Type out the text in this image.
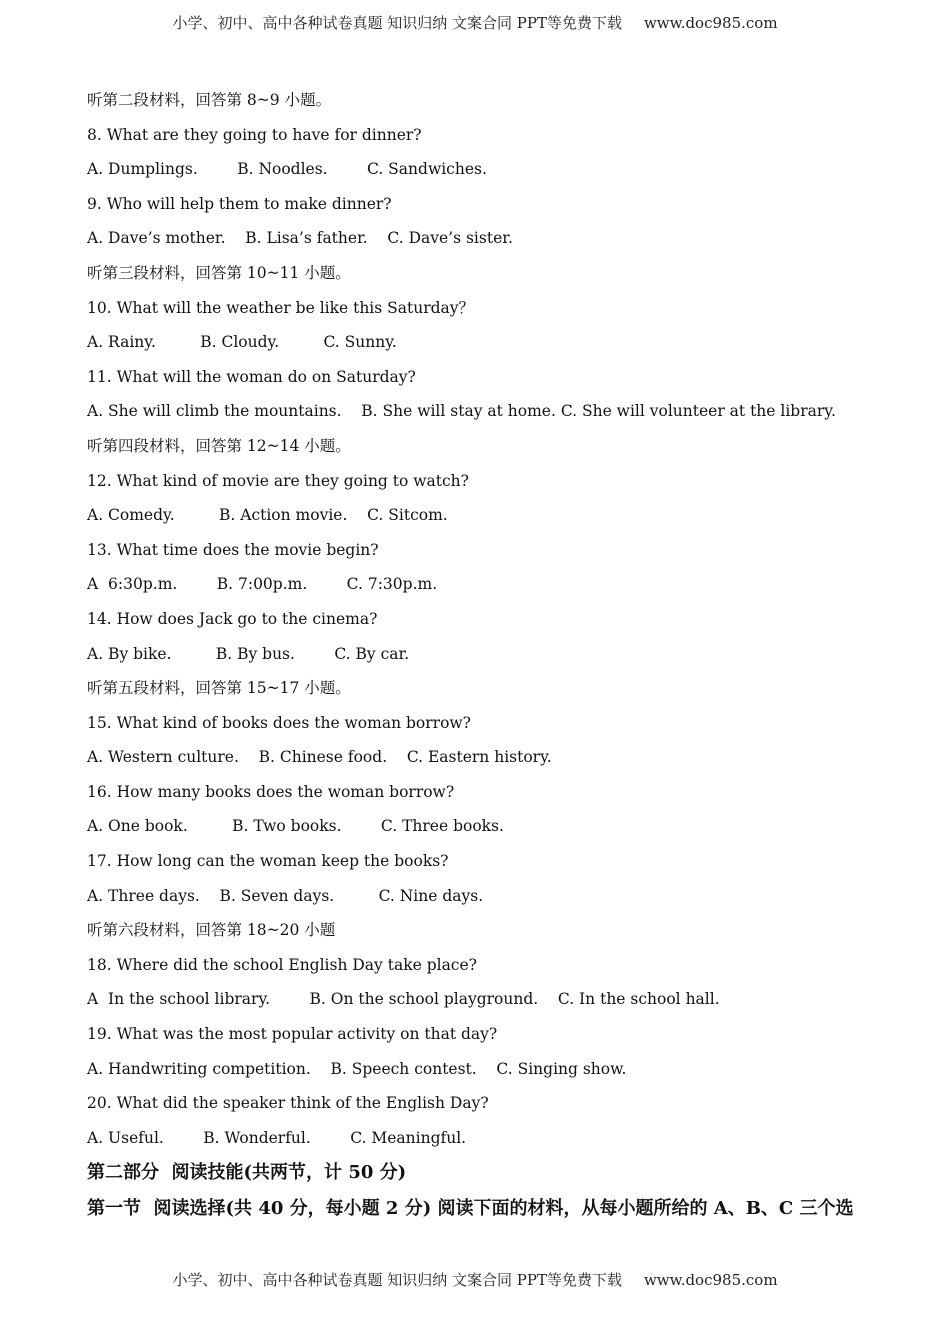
小学、初中、高中各种试卷真题 知识归纳 文案合同 PPT等免费下载 www.doc985.com
听第二段材料，回答第 8~9 小题。
8. What are they going to have for dinner?
A. Dumplings.        B. Noodles.        C. Sandwiches.
9. Who will help them to make dinner?
A. Dave’s mother.    B. Lisa’s father.    C. Dave’s sister.
听第三段材料，回答第 10~11 小题。
10. What will the weather be like this Saturday？
A. Rainy.         B. Cloudy.         C. Sunny.
11. What will the woman do on Saturday?
A. She will climb the mountains.    B. She will stay at home. C. She will volunteer at the library.
听第四段材料，回答第 12~14 小题。
12. What kind of movie are they going to watch?
A. Comedy.         B. Action movie.    C. Sitcom.
13. What time does the movie begin?
A  6:30p.m.        B. 7:00p.m.        C. 7:30p.m.
14. How does Jack go to the cinema?
A. By bike.         B. By bus.        C. By car.
听第五段材料，回答第 15~17 小题。
15. What kind of books does the woman borrow?
A. Western culture.    B. Chinese food.    C. Eastern history.
16. How many books does the woman borrow?
A. One book.         B. Two books.        C. Three books.
17. How long can the woman keep the books?
A. Three days.    B. Seven days.         C. Nine days.
听第六段材料，回答第 18~20 小题
18. Where did the school English Day take place?
A  In the school library.        B. On the school playground.    C. In the school hall.
19. What was the most popular activity on that day?
A. Handwriting competition.    B. Speech contest.    C. Singing show.
20. What did the speaker think of the English Day?
A. Useful.        B. Wonderful.        C. Meaningful.
第二部分  阅读技能(共两节，计 50 分)
第一节  阅读选择(共 40 分，每小题 2 分) 阅读下面的材料，从每小题所给的 A、B、C 三个选
小学、初中、高中各种试卷真题 知识归纳 文案合同 PPT等免费下载 www.doc985.com
